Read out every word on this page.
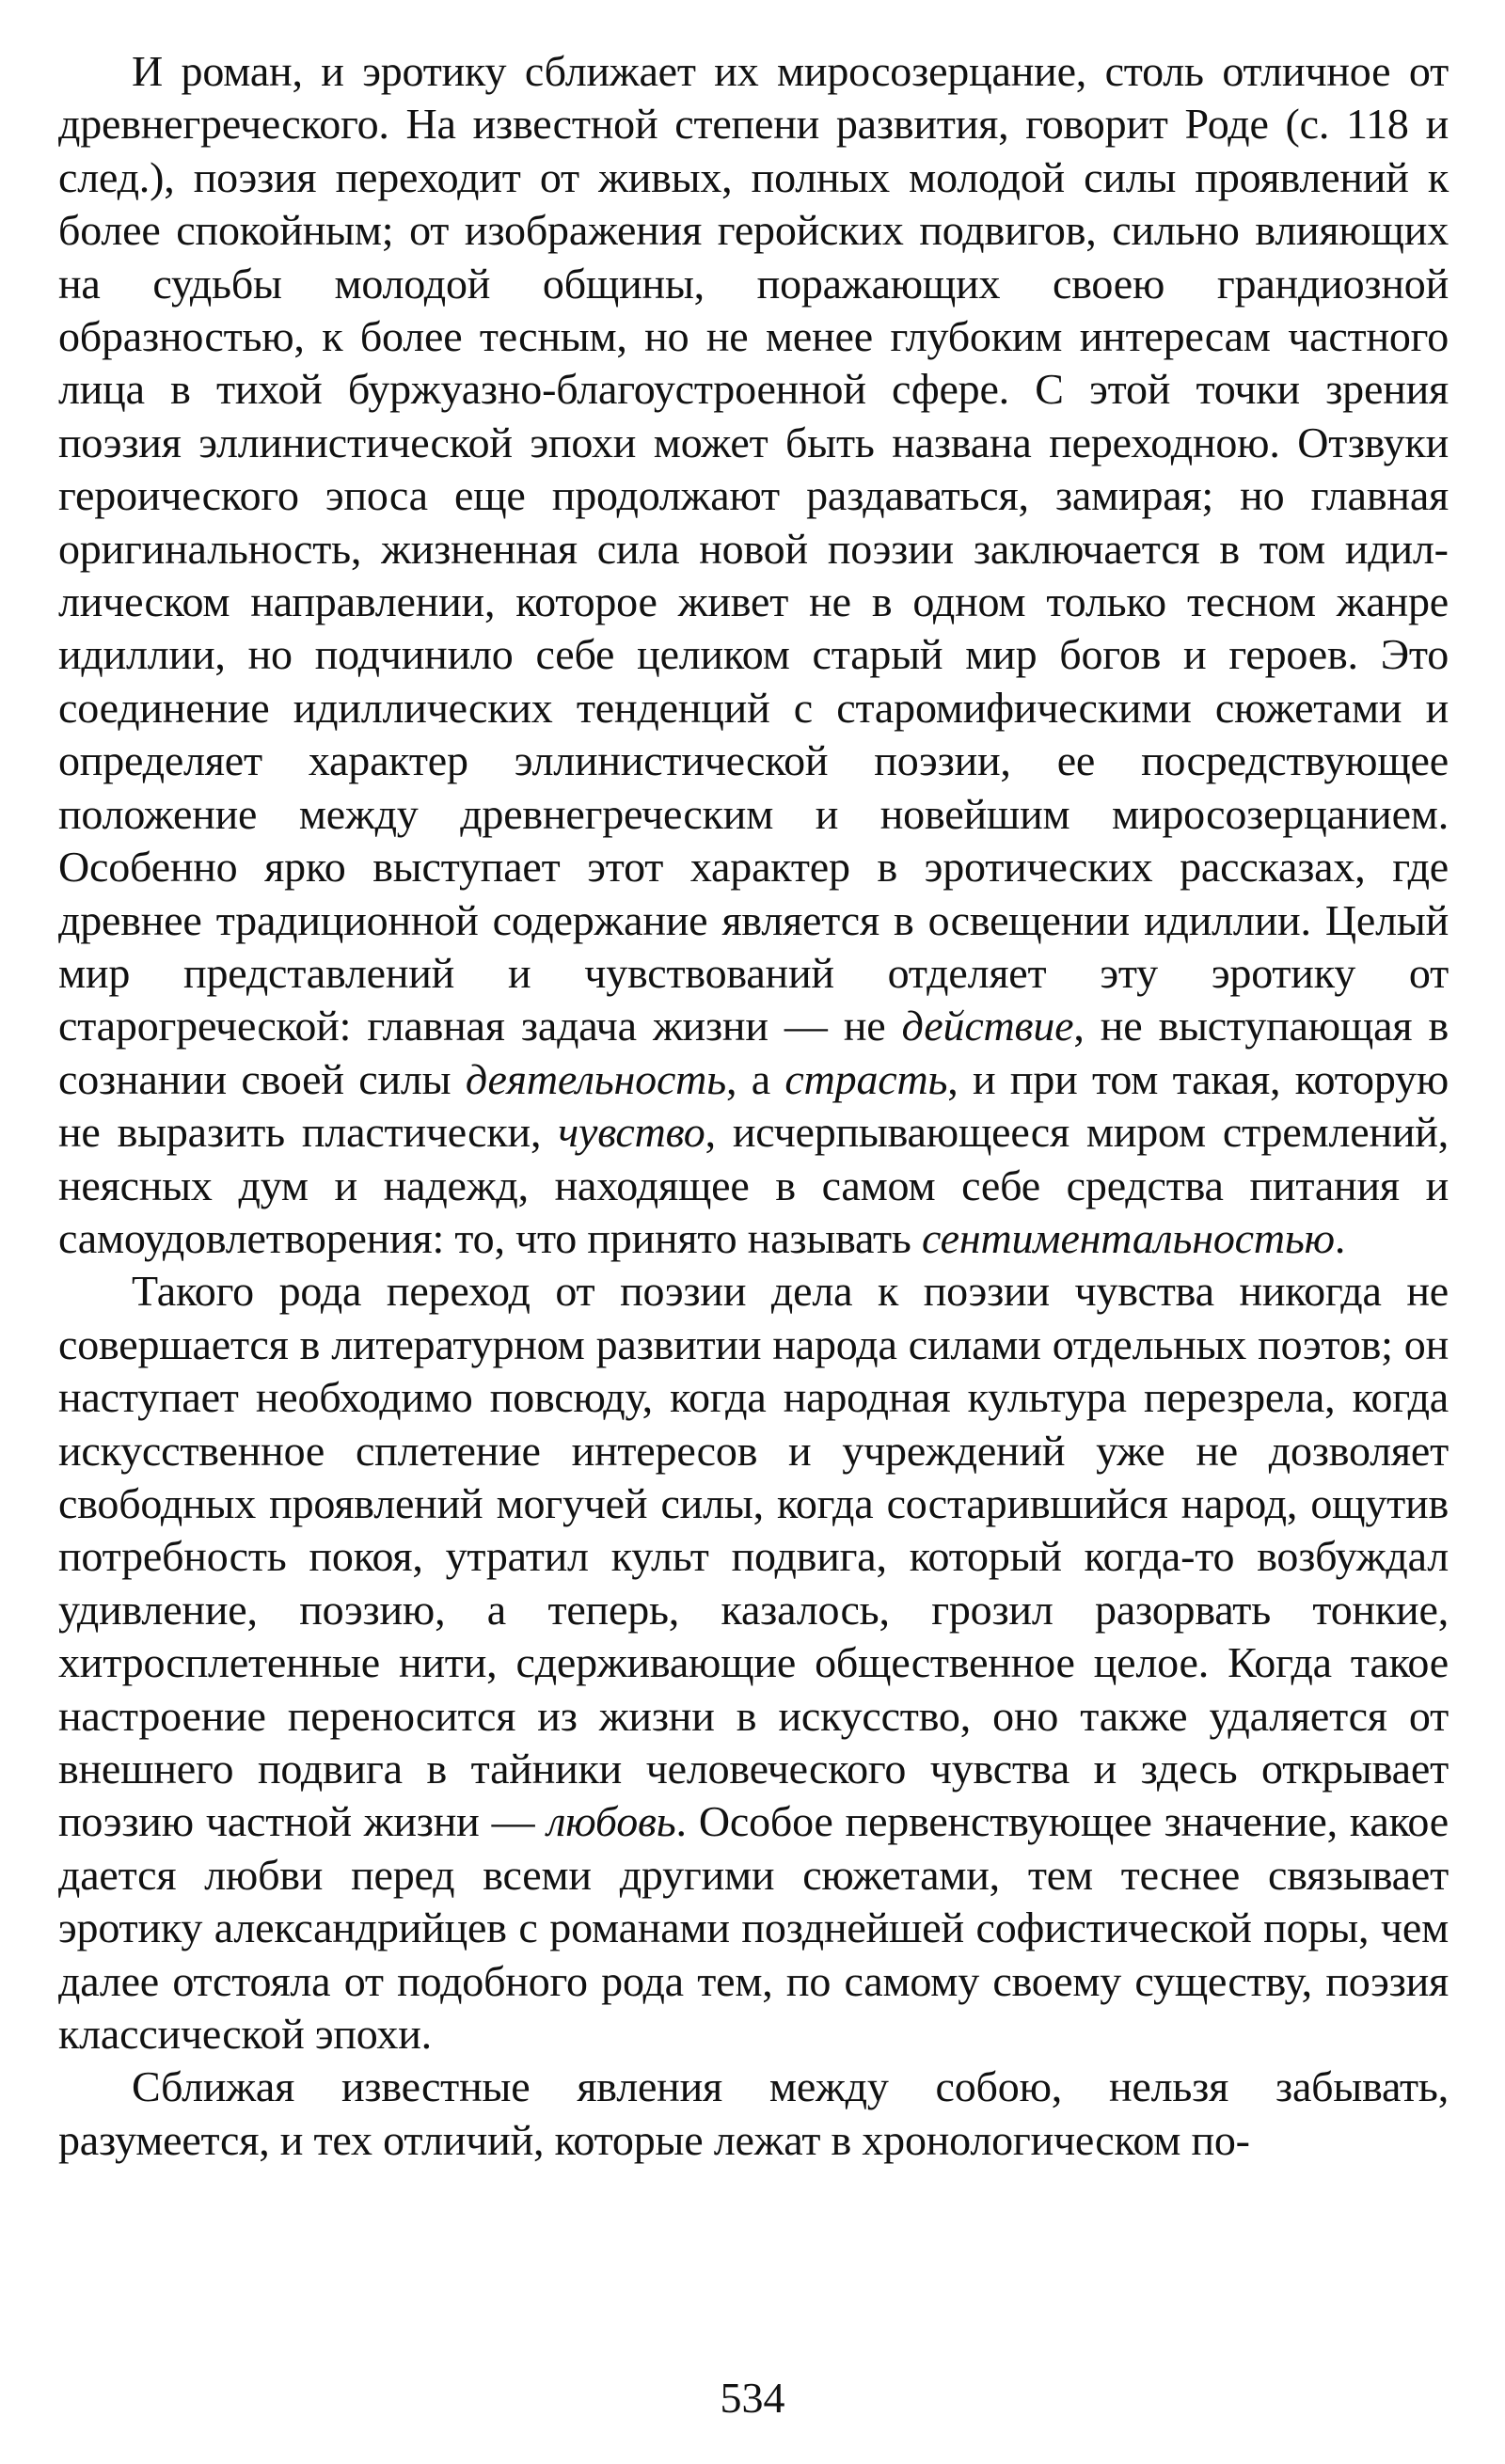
И роман, и эротику сближает их миросозерцание, столь отличное от древнегреческого. На известной степени развития, говорит Роде (с. 118 и след.), поэзия переходит от живых, полных молодой силы проявлений к более спокойным; от изображения геройских подвигов, сильно влияющих на судьбы молодой общины, поражающих своею грандиозной образностью, к более тесным, но не менее глубоким интересам частного лица в тихой буржуазно-благоустроенной сфере. С этой точки зрения поэзия эллинистической эпохи может быть названа переходною. Отзвуки героического эпоса еще продолжают раздаваться, замирая; но главная оригинальность, жизненная сила новой поэзии заключается в том идиллическом направлении, которое живет не в одном только тесном жанре идиллии, но подчинило себе целиком старый мир богов и героев. Это соединение идиллических тенденций с старомифическими сюжетами и определяет характер эллинистической поэзии, ее посредствующее положение между древнегреческим и новейшим миросозерцанием. Особенно ярко выступает этот характер в эротических рассказах, где древнее традиционной содержание является в освещении идиллии. Целый мир представлений и чувствований отделяет эту эротику от старогреческой: главная задача жизни — не действие, не выступающая в сознании своей силы деятельность, а страсть, и при том такая, которую не выразить пластически, чувство, исчерпывающееся миром стремлений, неясных дум и надежд, находящее в самом себе средства питания и самоудовлетворения: то, что принято называть сентиментальностью.

Такого рода переход от поэзии дела к поэзии чувства никогда не совершается в литературном развитии народа силами отдельных поэтов; он наступает необходимо повсюду, когда народная культура перезрела, когда искусственное сплетение интересов и учреждений уже не дозволяет свободных проявлений могучей силы, когда состарившийся народ, ощутив потребность покоя, утратил культ подвига, который когда-то возбуждал удивление, поэзию, а теперь, казалось, грозил разорвать тонкие, хитросплетенные нити, сдерживающие общественное целое. Когда такое настроение переносится из жизни в искусство, оно также удаляется от внешнего подвига в тайники человеческого чувства и здесь открывает поэзию частной жизни — любовь. Особое первенствующее значение, какое дается любви перед всеми другими сюжетами, тем теснее связывает эротику александрийцев с романами позднейшей софистической поры, чем далее отстояла от подобного рода тем, по самому своему существу, поэзия классической эпохи.

Сближая известные явления между собою, нельзя забывать, разумеется, и тех отличий, которые лежат в хронологическом по-

534
